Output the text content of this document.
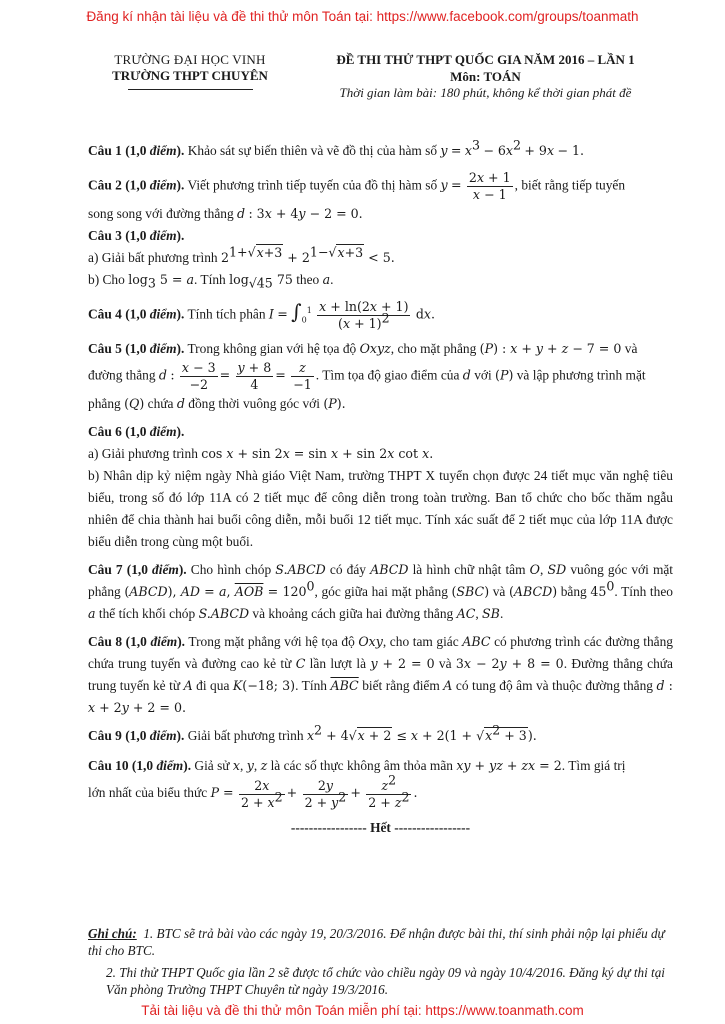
Đăng kí nhận tài liệu và đề thi thử môn Toán tại: https://www.facebook.com/groups/toanmath
TRƯỜNG ĐẠI HỌC VINH
TRƯỜNG THPT CHUYÊN
ĐỀ THI THỬ THPT QUỐC GIA NĂM 2016 – LẦN 1
Môn: TOÁN
Thời gian làm bài: 180 phút, không kể thời gian phát đề

Câu 1 (1,0 điểm). Khảo sát sự biến thiên và vẽ đồ thị của hàm số $y = x^3 - 6x^2 + 9x - 1$.

Câu 2 (1,0 điểm). Viết phương trình tiếp tuyến của đồ thị hàm số $y = \frac{2x + 1}{x - 1}$ , biết rằng tiếp tuyến
song song với đường thẳng d : 3x + 4y − 2 = 0.

Câu 3 (1,0 điểm).
a) Giải bất phương trình $2^{1+√x+3} + 2^{1-√x+3} < 5$.
b) Cho $\log_3 5 = a$. Tính $\log_{√45} 75$ theo a.

Câu 4 (1,0 điểm). Tính tích phân $I = \int_0^1 \frac{x + \ln(2x + 1)}{(x + 1)^2}$ dx.

Câu 5 (1,0 điểm). Trong không gian với hệ tọa độ Oxyz, cho mặt phẳng (P) : x + y + z − 7 = 0 và
đường thẳng d : $\frac{x - 3}{-2} = \frac{y + 8}{4} = \frac{z}{-1}$ . Tìm tọa độ giao điểm của d với (P) và lập phương trình mặt
phẳng (Q) chứa d đồng thời vuông góc với (P).

Câu 6 (1,0 điểm).
a) Giải phương trình cos x + sin 2x = sin x + sin 2x cot x.
b) Nhân dịp kỷ niệm ngày Nhà giáo Việt Nam, trường THPT X tuyển chọn được 24 tiết mục văn nghệ tiêu biểu, trong số đó lớp 11A có 2 tiết mục để công diễn trong toàn trường. Ban tổ chức cho bốc thăm ngẫu nhiên để chia thành hai buổi công diễn, mỗi buổi 12 tiết mục. Tính xác suất để 2 tiết mục của lớp 11A được biểu diễn trong cùng một buổi.

Câu 7 (1,0 điểm). Cho hình chóp S.ABCD có đáy ABCD là hình chữ nhật tâm O, SD vuông góc với mặt phẳng (ABCD), AD = a, $\overline{AOB} = 120^0$, góc giữa hai mặt phẳng (SBC) và (ABCD) bằng $45^0$. Tính theo a thể tích khối chóp S.ABCD và khoảng cách giữa hai đường thẳng AC, SB.

Câu 8 (1,0 điểm). Trong mặt phẳng với hệ tọa độ Oxy, cho tam giác ABC có phương trình các đường thẳng chứa trung tuyến và đường cao kẻ từ C lần lượt là y + 2 = 0 và 3x − 2y + 8 = 0. Đường thẳng chứa trung tuyến kẻ từ A đi qua K(−18; 3). Tính $\overline{ABC}$ biết rằng điểm A có tung độ âm và thuộc đường thẳng d : x + 2y + 2 = 0.

Câu 9 (1,0 điểm). Giải bất phương trình $x^2 + 4√x + 2 \le x + 2(1 + √x^2 + 3)$.

Câu 10 (1,0 điểm). Giả sử x, y, z là các số thực không âm thỏa mãn xy + yz + zx = 2. Tìm giá trị
lớn nhất của biểu thức $P = \frac{2x}{2 + x^2} + \frac{2y}{2 + y^2} + \frac{z^2}{2 + z^2}$ .

----------------- Hết -----------------

Ghi chú: 1. BTC sẽ trả bài vào các ngày 19, 20/3/2016. Để nhận được bài thi, thí sinh phải nộp lại phiếu dự thi cho BTC.

2. Thi thử THPT Quốc gia lần 2 sẽ được tổ chức vào chiều ngày 09 và ngày 10/4/2016. Đăng ký dự thi tại Văn phòng Trường THPT Chuyên từ ngày 19/3/2016.

Tải tài liệu và đề thi thử môn Toán miễn phí tại: https://www.toanmath.com
